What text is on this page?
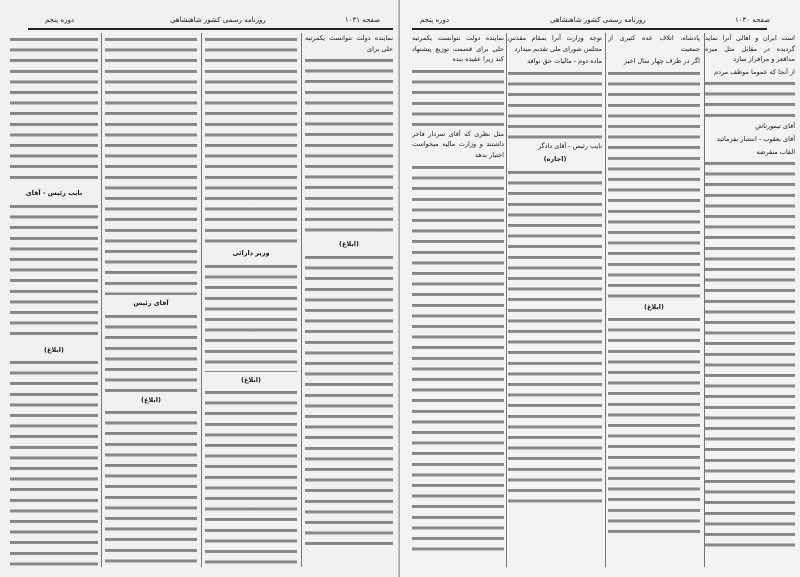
صفحه ۱۰۳۱
روزنامه رسمی کشور شاهنشاهی
دوره پنجم

نماینده دولت نتوانست یکمرتبه حلی برای

(ابلاغ)

وزیر دارائی

(ابلاغ)

آقای رئیس

(ابلاغ)

نایب رئیس - آقای

(ابلاغ)

صفحه ۱۰۳۰
روزنامه رسمی کشور شاهنشاهی
دوره پنجم

است ایران و اهالی آنرا نماید گردیده در مقابل مثل میزه مدافعر و مرافراز سازد

از آنجا که عموما موظف مردم

آقای تیمورتاش

آقای یعقوب - انتشار بفرمائید

القاب منقرضه

پادشاه، اتلاف عده کثیری از جمعیت

اگر در ظرف چهار سال اخیر

(ابلاغ)

توجه وزارت آنرا بمقام مقدس مجلس شورای ملی تقدیم میدارد

ماده دوم - مالیات حق توافد

نایب رئیس - آقای دادگر

(اجازه)

نماینده دولت نتوانست یکمرتبه حلی برای قسمت توزیع پیشنهاد کند زیرا عقیده بنده

مثل نظری که آقای سردار فاخر داشتند و وزارت مالیه میخواست اختیار بدهد
